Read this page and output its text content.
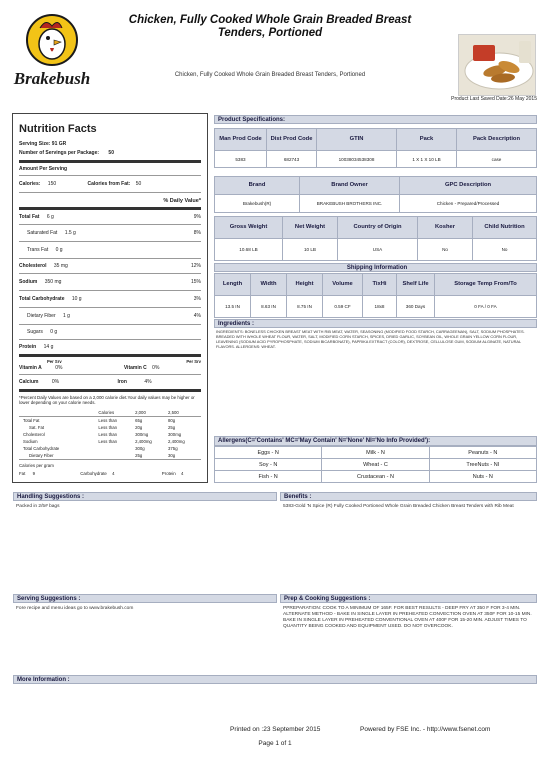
Brakebush
Chicken, Fully Cooked Whole Grain Breaded Breast Tenders, Portioned
Chicken, Fully Cooked Whole Grain Breaded Breast Tenders, Portioned
Product Last Saved Date:26 May 2015
Nutrition Facts
Serving Size: 91 GR
Number of Servings per Package: 50
Amount Per Serving
Calories: 150	Calories from Fat: 50
% Daily Value*
Total Fat 6 g	9%
Saturated Fat 1.5 g	8%
Trans Fat 0 g
Cholesterol 35 mg	12%
Sodium 350 mg	15%
Total Carbohydrate 10 g	3%
Dietary Fiber 1 g	4%
Sugars 0 g
Protein 14 g
Per Srv	Per Srv
Vitamin A	0%	Vitamin C 0%
Calcium	0%	Iron	4%
*Percent Daily Values are based on a 2,000 calorie diet.Your daily values may be higher or lower depending on your calorie needs.
	Calories	2,000	2,500
Total Fat	Less than	65g	80g
Sat. Fat	Less than	20g	25g
Cholesterol	Less than	300mg	300mg
Sodium	Less than	2,400mg	2,400mg
Total Carbohydrate		300g	375g
Dietary Fiber		25g	30g
Calories per gram
Fat 9	Carbohydrate 4	Protein 4
Product Specifications:
Man Prod Code	Dist Prod Code	GTIN	Pack	Pack Description
5383	682743	10038034538308	1 X 1 X 10 LB	case
Brand	Brand Owner	GPC Description
Brakebush(R)	BRAKEBUSH BROTHERS INC.	Chicken - Prepared/Processed
Gross Weight	Net Weight	Country of Origin	Kosher	Child Nutrition
10.68 LB	10 LB	USA	No	No
Shipping Information
Length	Width	Height	Volume	TixHi	Shelf Life	Storage Temp From/To
13.5 IN	8.63 IN	8.75 IN	0.59 CF	18x8	360 Days	0 FA / 0 FA
Ingredients :
INGREDIENTS: BONELESS CHICKEN BREAST MEAT WITH RIB MEAT, WATER, SEASONING (MODIFIED FOOD STARCH, CARRAGEENAN), SALT, SODIUM PHOSPHATES. BREADED WITH WHOLE WHEAT FLOUR, WATER, SALT, MODIFIED CORN STARCH, SPICES, DRIED GARLIC, SOYBEAN OIL, WHOLE GRAIN YELLOW CORN FLOUR, LEAVENING (SODIUM ACID PYROPHOSPHATE, SODIUM BICARBONATE), PAPRIKA EXTRACT (COLOR), DEXTROSE, CELLULOSE GUM, SODIUM ALGINATE, NATURAL FLAVORS. ALLERGENS: WHEAT.
Allergens(C='Contains' MC='May Contain' N='None' NI='No Info Provided'):
Eggs - N	Milk - N	Peanuts - N
Soy - N	Wheat - C	TreeNuts - NI
Fish - N	Crustacean - N	Nuts - N
Handling Suggestions :
Packed in 2/5# bags
Benefits :
5383-Gold 'N Spice (R) Fully Cooked Portioned Whole Grain Breaded Chicken Breast Tenders with Rib Meat
Serving Suggestions :
Fore recipe and menu ideas go to www.brakebush.com
Prep & Cooking Suggestions :
PPREPARATION: COOK TO A MINIMUM OF 165F. FOR BEST RESULTS - DEEP FRY AT 350 F FOR 3-4 MIN. ALTERNATE METHOD - BAKE IN SINGLE LAYER IN PREHEATED CONVECTION OVEN AT 350F FOR 10-15 MIN. BAKE IN SINGLE LAYER IN PREHEATED CONVENTIONAL OVEN AT 400F FOR 15-20 MIN. ADJUST TIMES TO QUANTITY BEING COOKED AND EQUIPMENT USED. DO NOT OVERCOOK.
More Information :
Printed on :23 September 2015	Powered by FSE Inc. - http://www.fsenet.com
Page 1 of 1
